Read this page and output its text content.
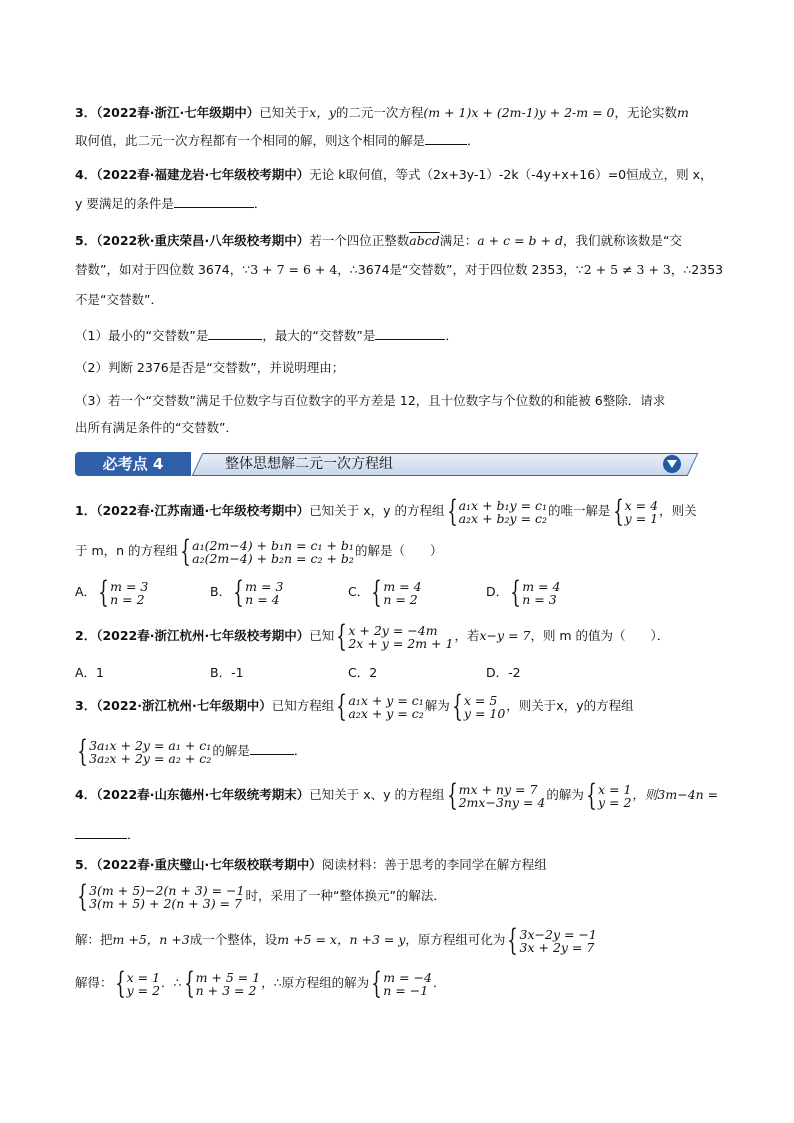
3．（2022春·浙江·七年级期中）已知关于x，y的二元一次方程(m + 1)x + (2m-1)y + 2-m = 0，无论实数m
取何值，此二元一次方程都有一个相同的解，则这个相同的解是	．
4．（2022春·福建龙岩·七年级校考期中）无论 k取何值，等式（2x+3y-1）-2k（-4y+x+16）=0恒成立，则 x，
y 要满足的条件是	．
5．（2022秋·重庆荣昌·八年级校考期中）若一个四位正整数abcd满足：a + c = b + d，我们就称该数是“交
替数”，如对于四位数 3674，∵3 + 7 = 6 + 4，∴3674是“交替数”，对于四位数 2353，∵2 + 5 ≠ 3 + 3，∴2353
不是“交替数”．
（1）最小的“交替数”是	，最大的“交替数”是	．
（2）判断 2376是否是“交替数”，并说明理由；
（3）若一个“交替数”满足千位数字与百位数字的平方差是 12，且十位数字与个位数的和能被 6整除．请求
出所有满足条件的“交替数”．
必考点 4	整体思想解二元一次方程组
1．（2022春·江苏南通·七年级校考期中）已知关于 x，y 的方程组 { a₁x + b₁y = c₁
a₂x + b₂y = c₂ 的唯一解是 { x = 4
y = 1 ，则关
于 m，n 的方程组 { a₁(2m−4) + b₁n = c₁ + b₁
a₂(2m−4) + b₂n = c₂ + b₂ 的解是（　　）
A． { m = 3
n = 2	B． { m = 3
n = 4	C． { m = 4
n = 2	D． { m = 4
n = 3
2．（2022春·浙江杭州·七年级校考期中）已知 { x + 2y = −4m
2x + y = 2m + 1 ，若x−y = 7，则 m 的值为（　　）．
A．1	B．-1	C．2	D．-2
3．（2022·浙江杭州·七年级期中）已知方程组 { a₁x + y = c₁
a₂x + y = c₂ 解为 { x = 5
y = 10 ，则关于x，y的方程组
{ 3a₁x + 2y = a₁ + c₁
3a₂x + 2y = a₂ + c₂ 的解是	．
4．（2022春·山东德州·七年级统考期末）已知关于 x、y 的方程组 { mx + ny = 7
2mx−3ny = 4 的解为 { x = 1
y = 2 ，则3m−4n =
．
5．（2022春·重庆璧山·七年级校联考期中）阅读材料：善于思考的李同学在解方程组
{ 3(m + 5)−2(n + 3) = −1
3(m + 5) + 2(n + 3) = 7 时，采用了一种“整体换元”的解法．
解：把m +5，n +3成一个整体，设m +5 = x，n +3 = y，原方程组可化为 { 3x−2y = −1
3x + 2y = 7
解得： { x = 1
y = 2 ．∴ { m + 5 = 1
n + 3 = 2 ，∴原方程组的解为 { m = −4
n = −1 ．
